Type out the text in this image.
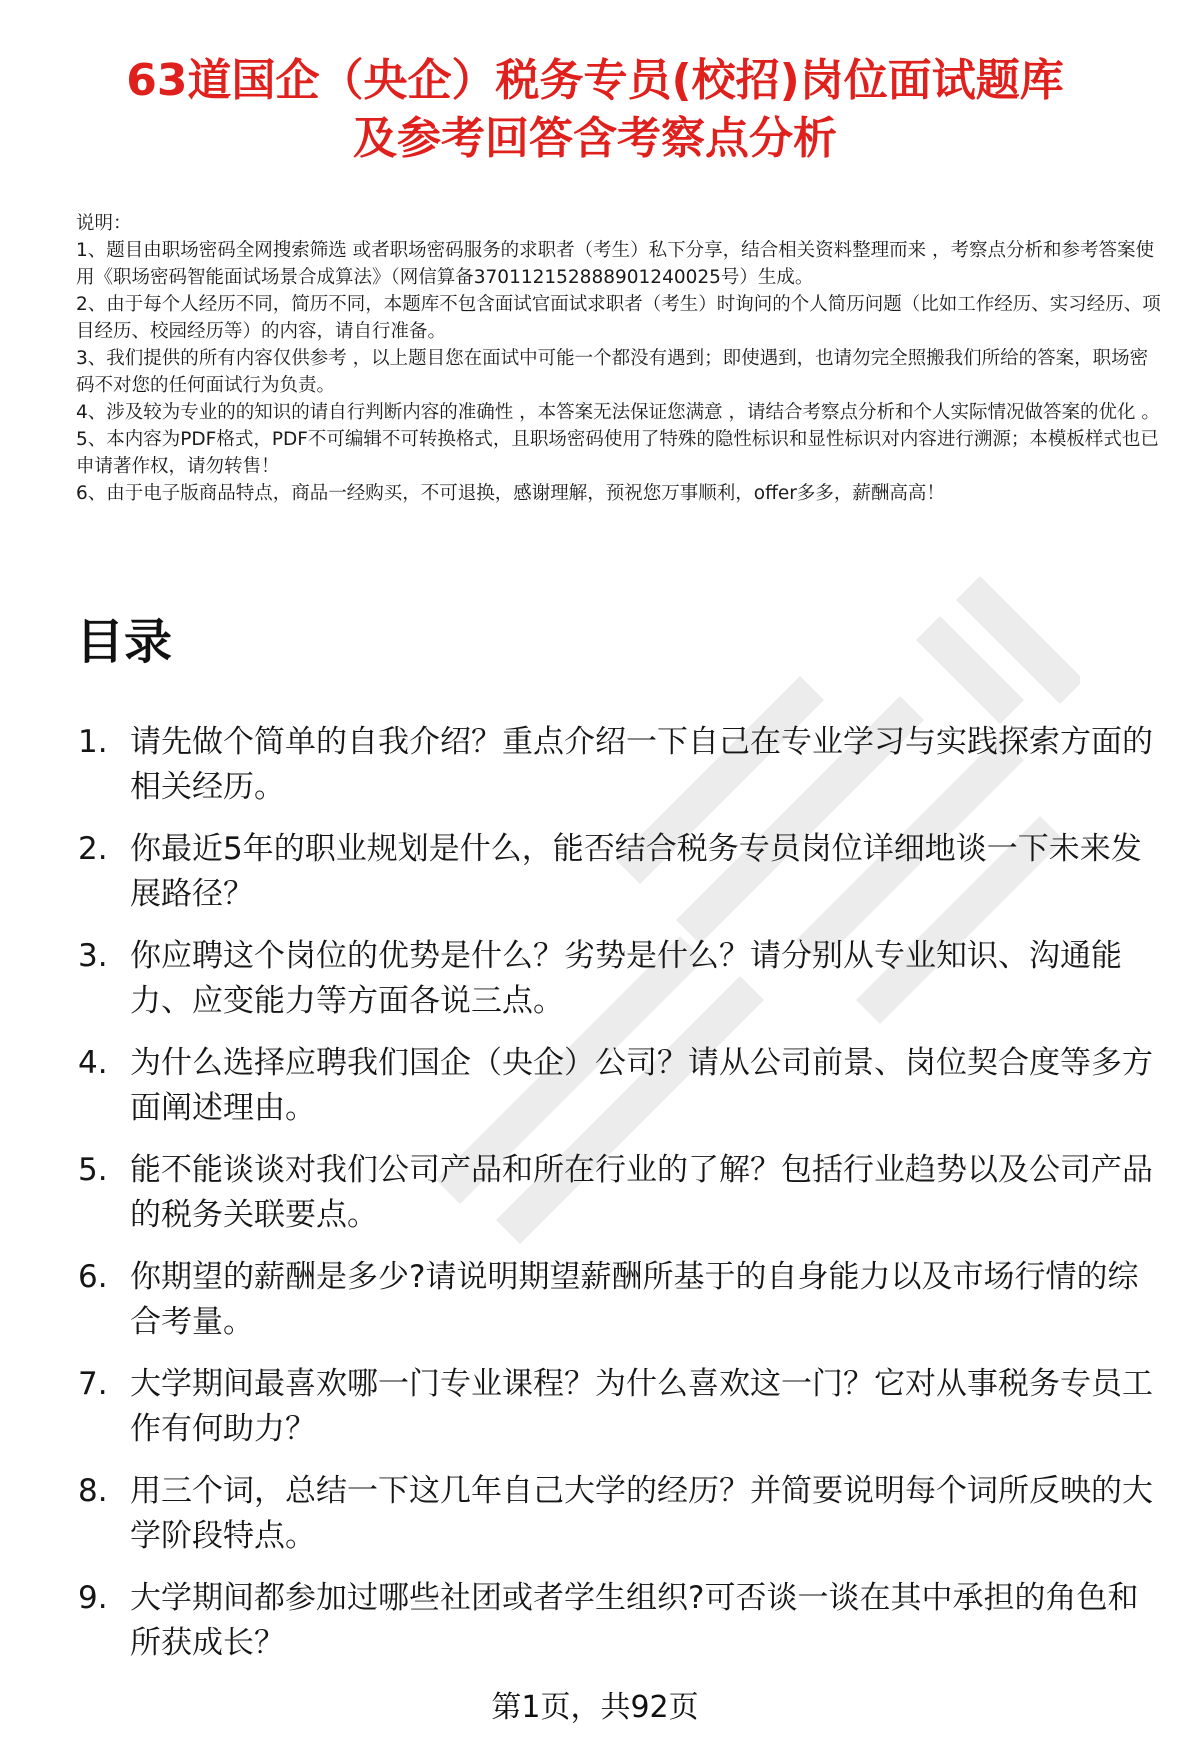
63道国企（央企）税务专员(校招)岗位面试题库
及参考回答含考察点分析

说明：

1、题目由职场密码全网搜索筛选 或者职场密码服务的求职者（考生）私下分享，结合相关资料整理而来 ，考察点分析和参考答案使用《职场密码智能面试场景合成算法》（网信算备370112152888901240025号）生成。

2、由于每个人经历不同，简历不同，本题库不包含面试官面试求职者（考生）时询问的个人简历问题（比如工作经历、实习经历、项目经历、校园经历等）的内容，请自行准备。

3、我们提供的所有内容仅供参考 ，以上题目您在面试中可能一个都没有遇到；即使遇到，也请勿完全照搬我们所给的答案，职场密码不对您的任何面试行为负责。

4、涉及较为专业的的知识的请自行判断内容的准确性 ，本答案无法保证您满意 ，请结合考察点分析和个人实际情况做答案的优化 。

5、本内容为PDF格式，PDF不可编辑不可转换格式，且职场密码使用了特殊的隐性标识和显性标识对内容进行溯源；本模板样式也已申请著作权，请勿转售！

6、由于电子版商品特点，商品一经购买，不可退换，感谢理解，预祝您万事顺利，offer多多，薪酬高高！

目录
1. 请先做个简单的自我介绍？重点介绍一下自己在专业学习与实践探索方面的相关经历。
2. 你最近5年的职业规划是什么，能否结合税务专员岗位详细地谈一下未来发展路径？
3. 你应聘这个岗位的优势是什么？劣势是什么？请分别从专业知识、沟通能力、应变能力等方面各说三点。
4. 为什么选择应聘我们国企（央企）公司？请从公司前景、岗位契合度等多方面阐述理由。
5. 能不能谈谈对我们公司产品和所在行业的了解？包括行业趋势以及公司产品的税务关联要点。
6. 你期望的薪酬是多少?请说明期望薪酬所基于的自身能力以及市场行情的综合考量。
7. 大学期间最喜欢哪一门专业课程？为什么喜欢这一门？它对从事税务专员工作有何助力？
8. 用三个词，总结一下这几年自己大学的经历？并简要说明每个词所反映的大学阶段特点。
9. 大学期间都参加过哪些社团或者学生组织?可否谈一谈在其中承担的角色和所获成长？
第1页，共92页
